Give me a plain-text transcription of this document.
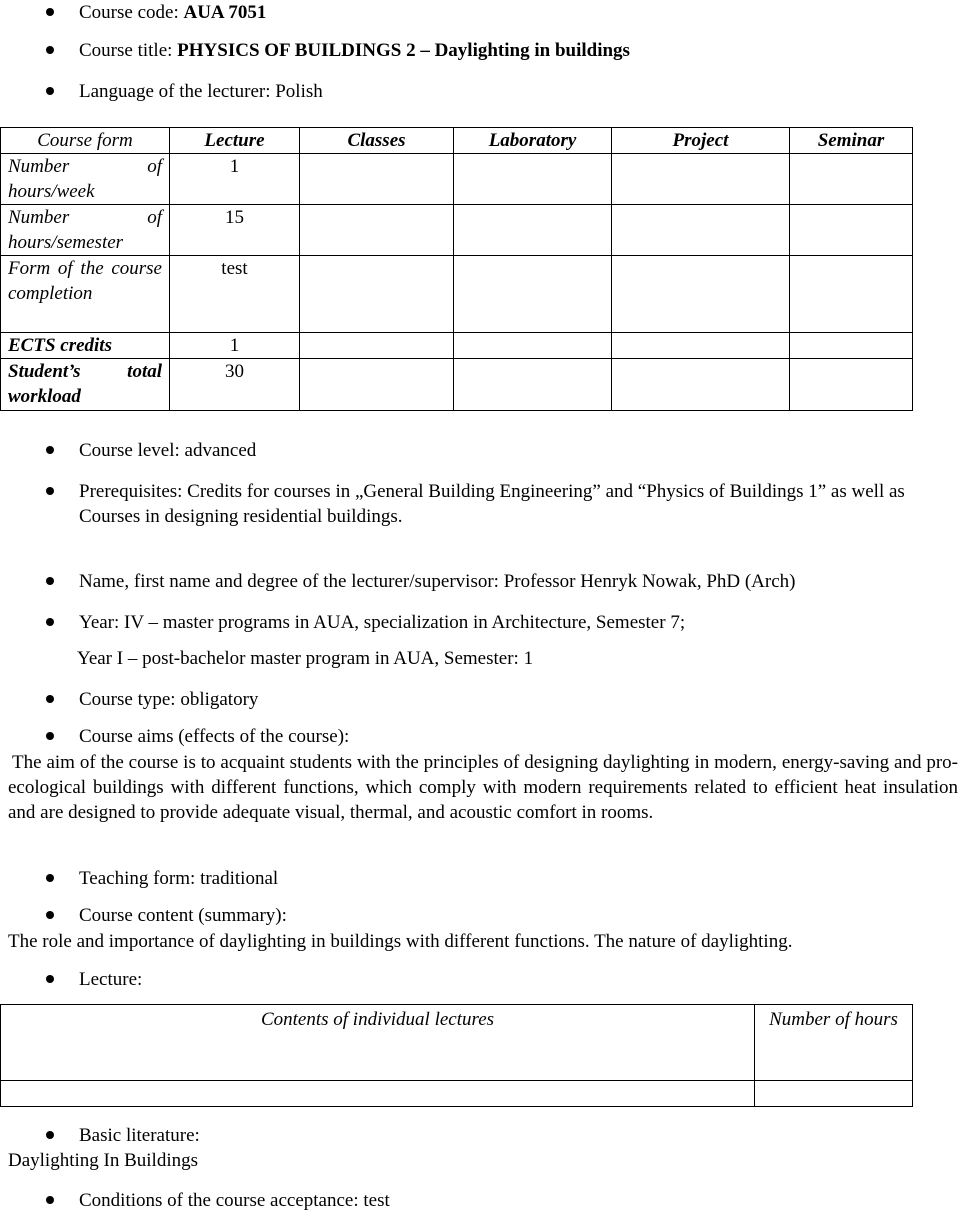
Course code: AUA 7051
Course title: PHYSICS OF BUILDINGS 2 – Daylighting in buildings
Language of the lecturer: Polish
Course form	Lecture	Classes	Laboratory	Project	Seminar
Number of hours/week	1				
Number of hours/semester	15				
Form of the course completion	test				
ECTS credits	1				
Student’s total workload	30				
Course level: advanced
Prerequisites: Credits for courses in „General Building Engineering” and “Physics of Buildings 1” as well as
Courses in designing residential buildings.
Name, first name and degree of the lecturer/supervisor: Professor Henryk Nowak, PhD (Arch)
Year: IV – master programs in AUA, specialization in Architecture, Semester 7;
Year I – post-bachelor master program in AUA, Semester: 1
Course type: obligatory
Course aims (effects of the course):
The aim of the course is to acquaint students with the principles of designing daylighting in modern, energy-saving and pro-ecological buildings with different functions, which comply with modern requirements related to efficient heat insulation and are designed to provide adequate visual, thermal, and acoustic comfort in rooms.
Teaching form: traditional
Course content (summary):
The role and importance of daylighting in buildings with different functions. The nature of daylighting.
Lecture:
Contents of individual lectures	Number of hours

Basic literature:
Daylighting In Buildings
Conditions of the course acceptance: test
